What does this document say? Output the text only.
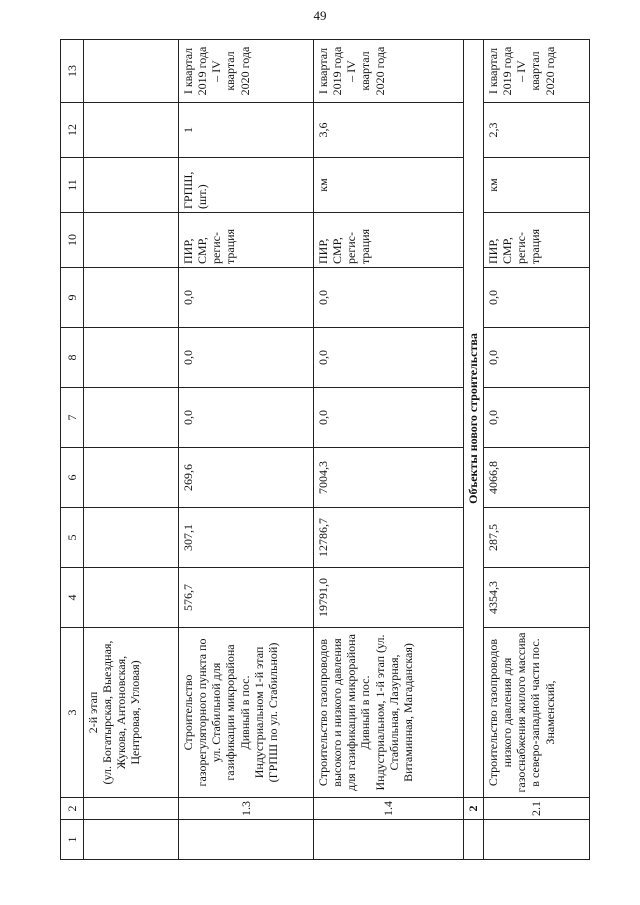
49
1	2	3	4	5	6	7	8	9	10	11	12	13
		2-й этап
(ул. Богатырская, Выездная, Жукова, Антоновская, Центровая, Угловая)										
	1.3	Строительство газорегуляторного пункта по ул. Стабильной для газификации микрорайона Дивный в пос. Индустриальном 1-й этап (ГРПШ по ул. Стабильной)	576,7	307,1	269,6	0,0	0,0	0,0	ПИР, СМР, регис-трация	ГРПШ, (шт.)	1	I квартал 2019 года – IV квартал 2020 года
	1.4	Строительство газопроводов высокого и низкого давления для газификации микрорайона Дивный в пос. Индустриальном, 1-й этап (ул. Стабильная, Лазурная, Витаминная, Магаданская)	19791,0	12786,7	7004,3	0,0	0,0	0,0	ПИР, СМР, регис-трация	км	3,6	I квартал 2019 года – IV квартал 2020 года
	2	Объекты нового строительства										
	2.1	Строительство газопроводов низкого давления для газоснабжения жилого массива в северо-западной части пос. Знаменский,	4354,3	287,5	4066,8	0,0	0,0	0,0	ПИР, СМР, регис-трация	км	2,3	I квартал 2019 года – IV квартал 2020 года
